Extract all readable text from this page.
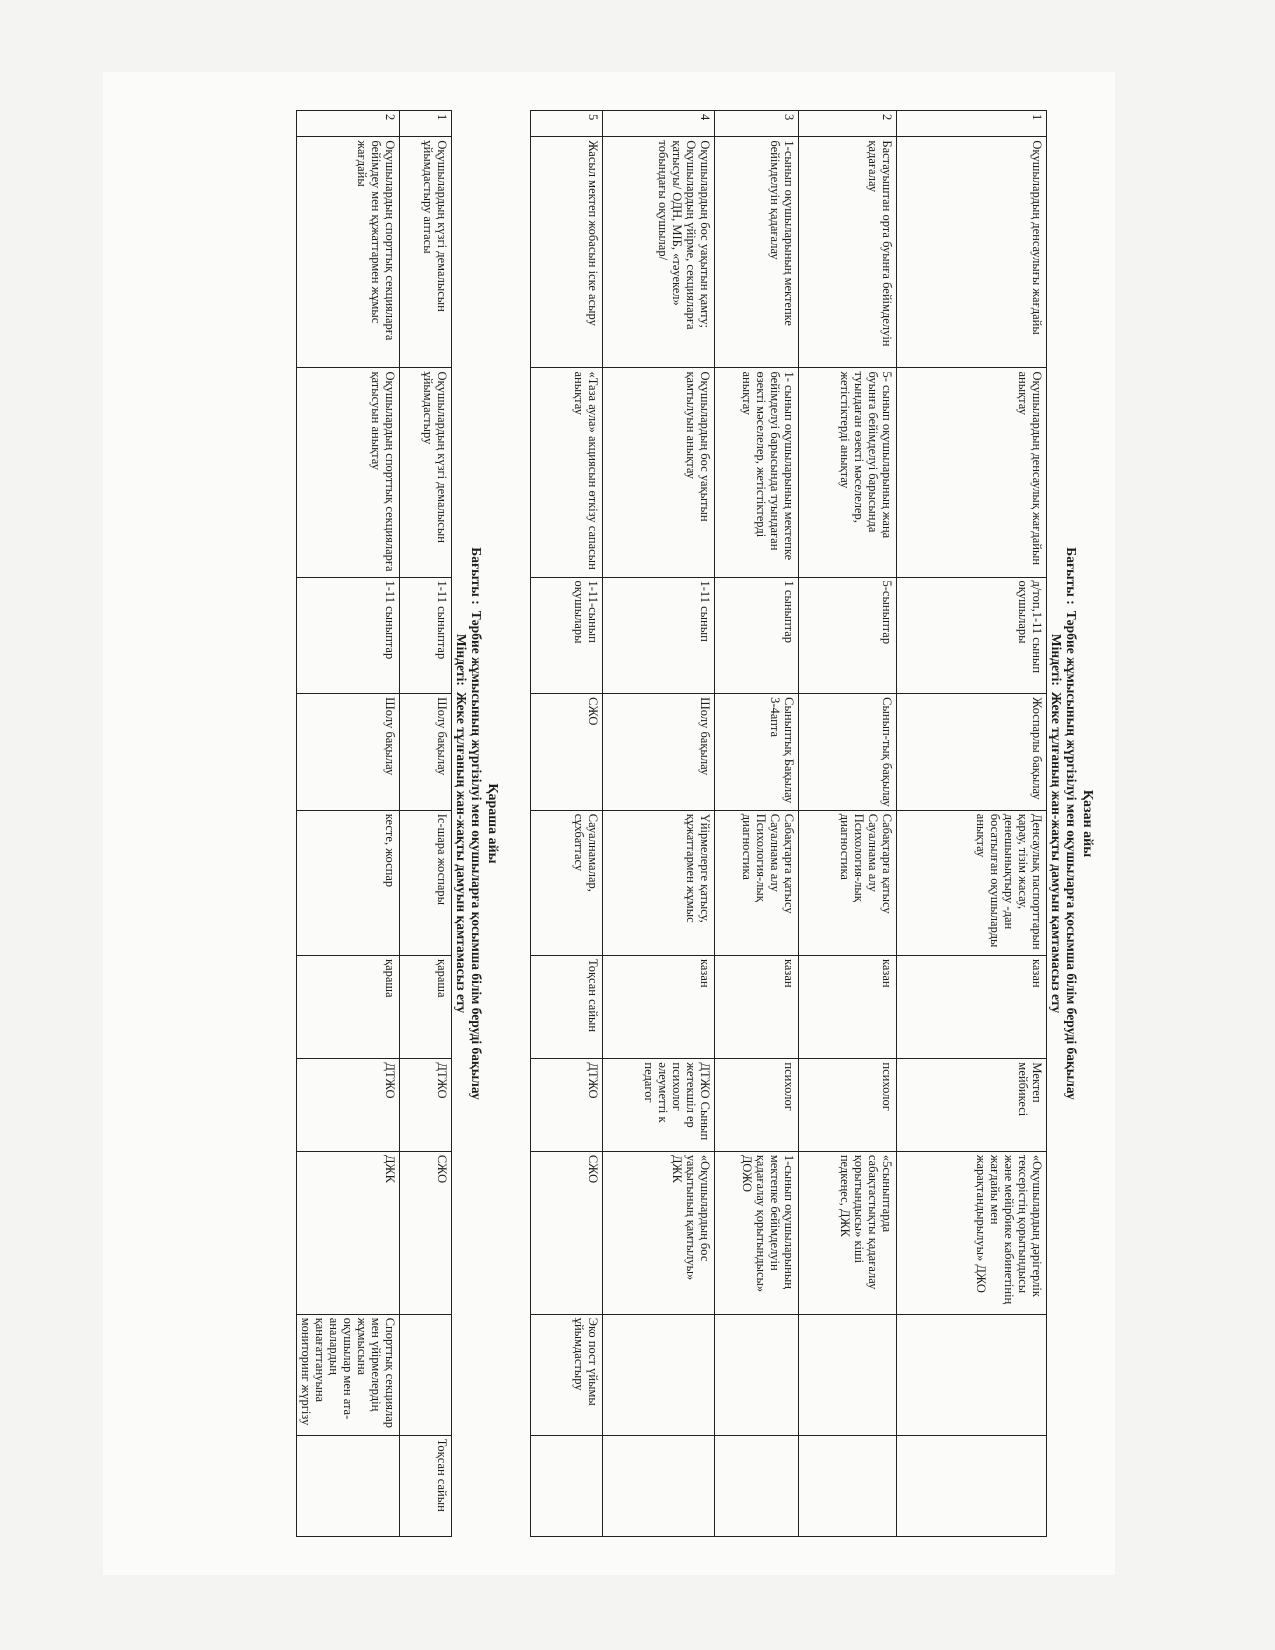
Қазан айы
Бағыты :Тәрбие жұмысының жүргізілуі мен оқушыларға қосымша білім беруді бақылау
Міндеті:Жеке тұлғаның жан-жақты дамуын қамтамасыз ету
1	Оқушылардың денсаулығы жағдайы	Оқушылардың денсаулық жағдайын анықтау	д/топ,1-11 сынып оқушылары	Жоспарлы бақылау	Денсаулық паспорттарын қарау, тізім жасау, денешынықтыру -дан босатылған оқушыларды анықтау	казан	Мектеп мейбикесі	«Оқушылардың дәрігерлік тексерістің қорытындысы және мейірбике кабинетінің жағдайы мен жарақтандырылуы» ДЖО		
2	Бастауыштан орта буынға бейімделуін қадағалау	5- сынып оқушыларының жаңа буынға бейімделуі барысында туындаған өзекті мәселелер, жетістіктерді анықтау	5-сыныптар	Сынып-тық бақылау	Сабақтарға қатысу Сауалнама алу Психология-лық диагностика	казан	психолог	«5сыныптарда сабақтастықты қадағалау қорытындысы» кіші педкеңес, ДЖК		
3	1-сынып оқушыларының мектепке бейімделуін қадағалау	1- сынып оқушыларының мектепке бейімделуі барысында туындаған өзекті мәселелер, жетістіктерді анықтау	1 сыныптар	Сыныптық Бақылау 3-4апта	Сабақтарға қатысу Сауалнама алу Психология-лық диагностика	казан	психолог	1-сынып оқушыларының мектепке бейімделуін қадағалау қорытындысы» ДОЖО		
4	Оқушылардың бос уақытын қамту; Оқушылардың үйірме, секцияларға қатысуы/ ОДН, МІБ, «тәуекел» тобындағы оқушылар/	Оқушылардың бос уақытын қамтылуын анықтау	1-11 сынып	Шолу бақылау	Үйірмелерге қатысу, құжаттармен жұмыс	казан	ДТЖО Сынып жетекшіл ер психолог әлеуметті к педагог	«Оқушылардың бос уақытының қамтылуы» ДЖК		
5	Жасыл мектеп жобасын іске асыру	«Таза аула» акциясын өткізу сапасын анықтау	1-11-сынып оқушылары	СЖО	Сауалнамалар, сұхбаттасу	Тоқсан сайын	ДТЖО	СЖО	Эко пост үйымы ұйымдастыру	
Қараша айы
Бағыты :Тәрбие жұмысының жүргізілуі мен оқушыларға қосымша білім беруді бақылау
Міндеті:Жеке тұлғаның жан-жақты дамуын қамтамасыз ету
1	Оқушылардың күзгі демалысын ұйымдастыру аптасы	Оқушылардың күзгі демалысын ұйымдастыру	1-11 сыныптар	Шолу бақылау	Іс-шара жоспары	қараша	ДТЖО	СЖО		Тоқсан сайын
2	Оқушылардың спорттық секцияларға бейімдеу мен құжаттармен жұмыс жағдайы	Оқушылардың спорттық секцияларға қатысуын анықтау	1-11 сыныптар	Шолу бақылау	кесте, жоспар	қараша	ДТЖО	ДЖК	Спорттық секциялар мен үйірмелердің жұмысына оқушылар мен ата-аналардың қанағаттануына мониторинг жүргізу	
